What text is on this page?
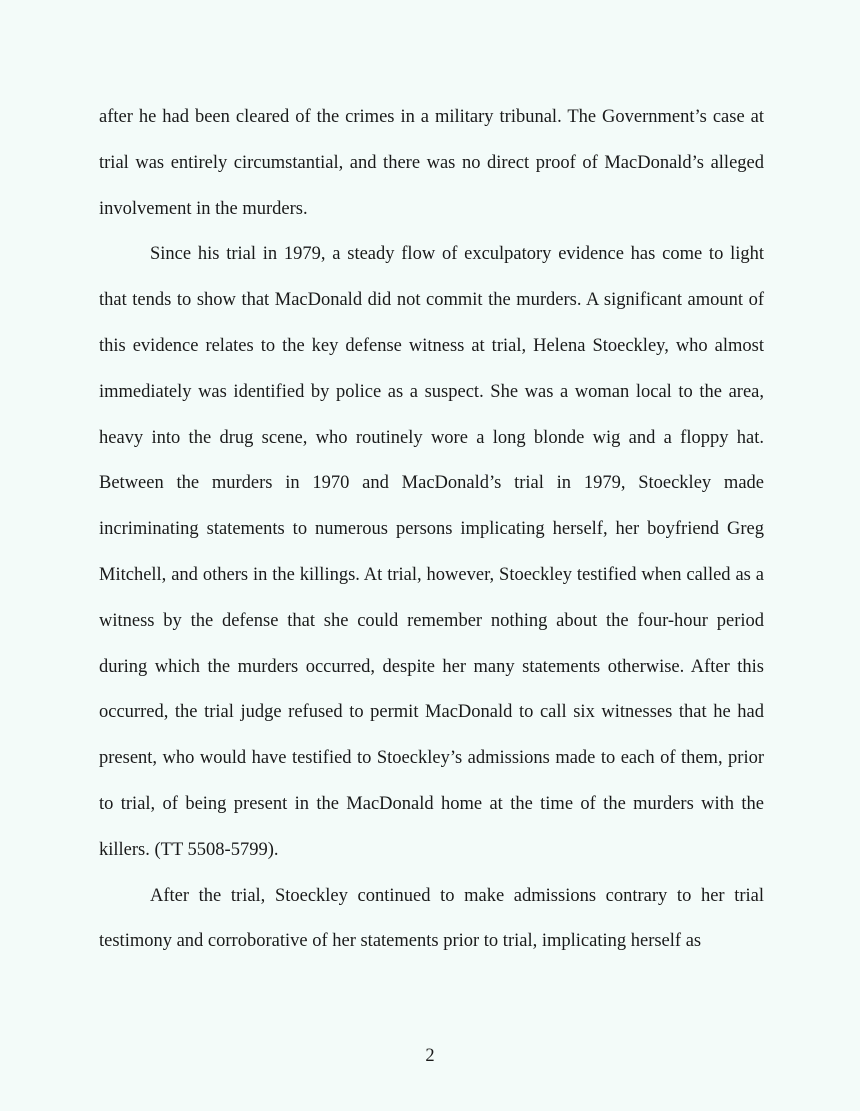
after he had been cleared of the crimes in a military tribunal. The Government’s case at trial was entirely circumstantial, and there was no direct proof of MacDonald’s alleged involvement in the murders.

Since his trial in 1979, a steady flow of exculpatory evidence has come to light that tends to show that MacDonald did not commit the murders. A significant amount of this evidence relates to the key defense witness at trial, Helena Stoeckley, who almost immediately was identified by police as a suspect. She was a woman local to the area, heavy into the drug scene, who routinely wore a long blonde wig and a floppy hat. Between the murders in 1970 and MacDonald’s trial in 1979, Stoeckley made incriminating statements to numerous persons implicating herself, her boyfriend Greg Mitchell, and others in the killings. At trial, however, Stoeckley testified when called as a witness by the defense that she could remember nothing about the four-hour period during which the murders occurred, despite her many statements otherwise. After this occurred, the trial judge refused to permit MacDonald to call six witnesses that he had present, who would have testified to Stoeckley’s admissions made to each of them, prior to trial, of being present in the MacDonald home at the time of the murders with the killers. (TT 5508-5799).

After the trial, Stoeckley continued to make admissions contrary to her trial testimony and corroborative of her statements prior to trial, implicating herself as

2
